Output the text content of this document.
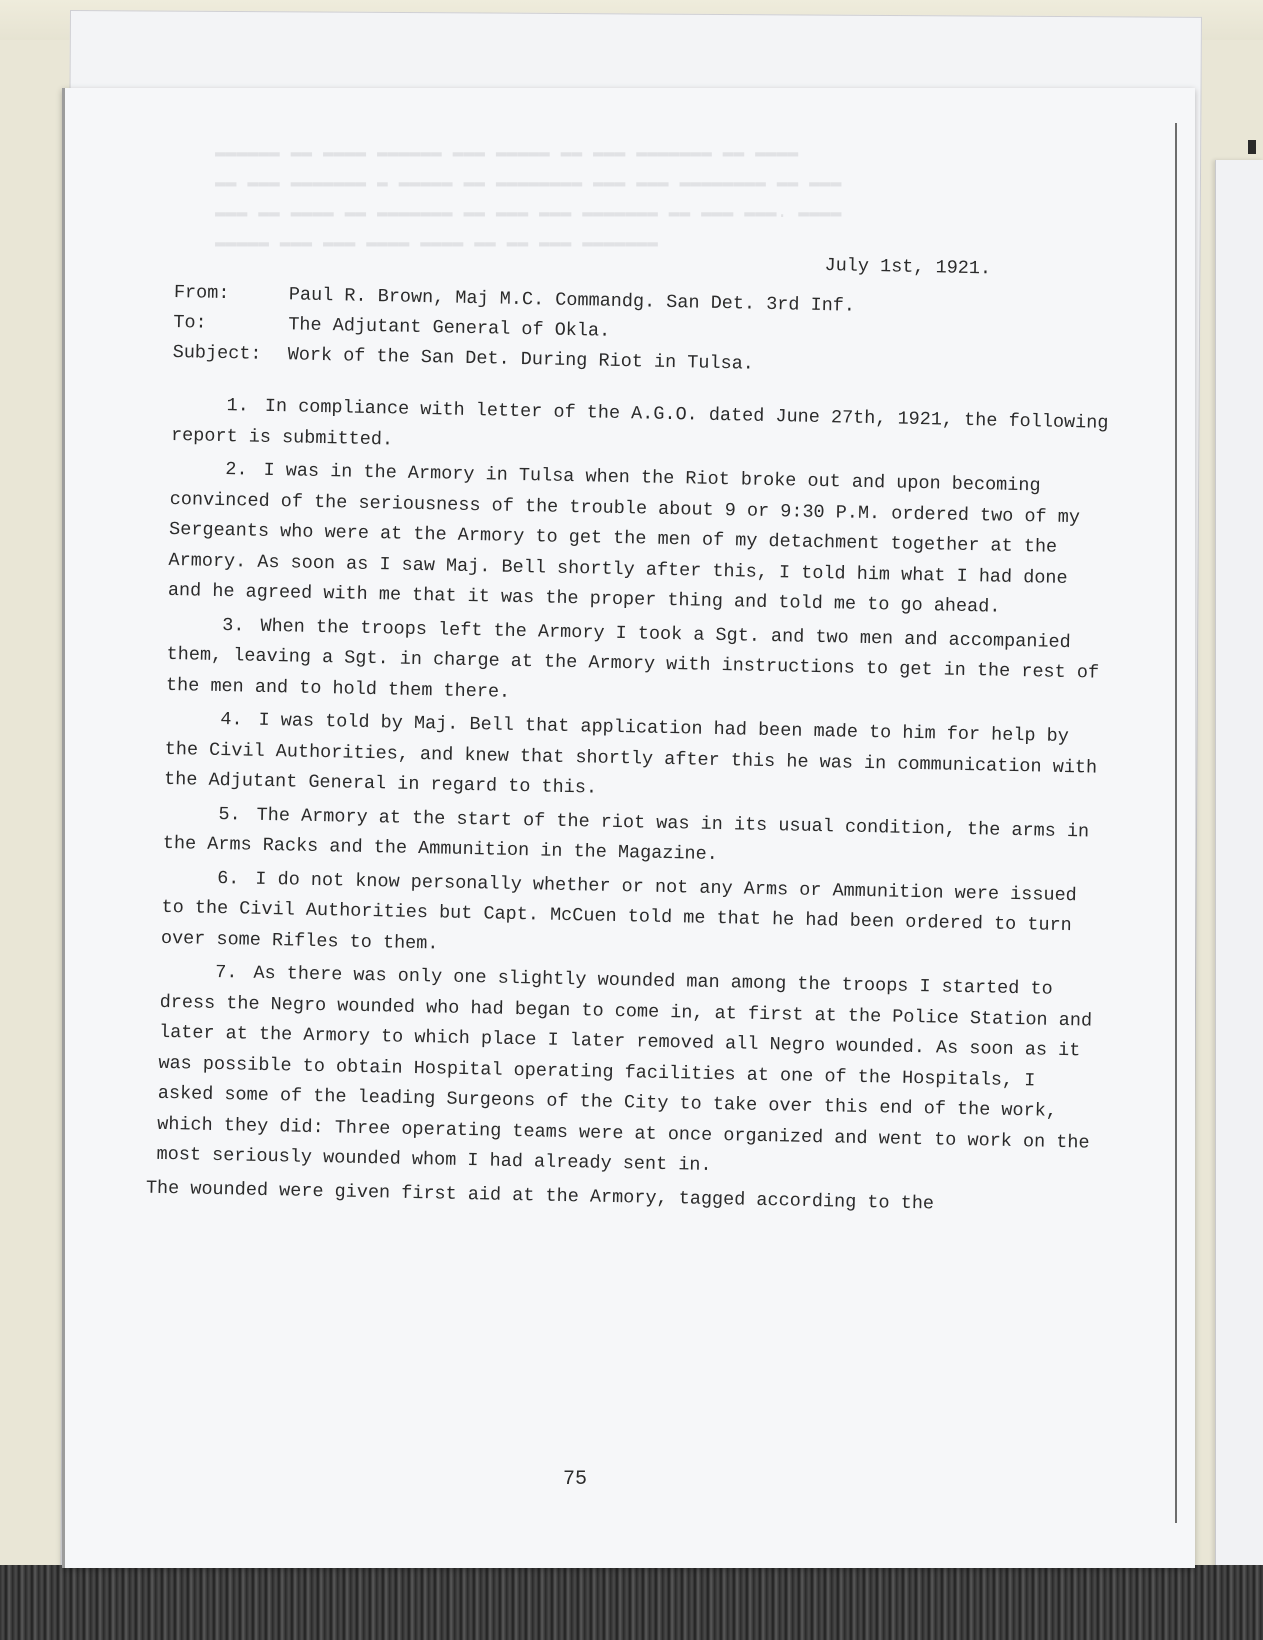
▬▬▬▬▬▬ ▬▬ ▬▬▬▬ ▬▬▬▬▬▬ ▬▬▬ ▬▬▬▬▬ ▬▬ ▬▬▬ ▬▬▬▬▬▬▬ ▬▬ ▬▬▬▬
▬▬ ▬▬▬ ▬▬▬▬▬▬▬ ▬ ▬▬▬▬▬ ▬▬ ▬▬▬▬▬▬▬▬ ▬▬▬ ▬▬▬ ▬▬▬▬▬▬▬▬ ▬▬ ▬▬▬
▬▬▬ ▬▬ ▬▬▬▬ ▬▬ ▬▬▬▬▬▬▬ ▬▬ ▬▬▬ ▬▬▬ ▬▬▬▬▬▬▬ ▬▬ ▬▬▬ ▬▬▬. ▬▬▬▬
▬▬▬▬▬ ▬▬▬ ▬▬▬ ▬▬▬▬ ▬▬▬▬ ▬▬ ▬▬ ▬▬▬ ▬▬▬▬▬▬▬
July 1st, 1921.
From:	Paul R. Brown, Maj M.C. Commandg. San Det. 3rd Inf.
To:	The Adjutant General of Okla.
Subject:	Work of the San Det. During Riot in Tulsa.

1. In compliance with letter of the A.G.O. dated June 27th, 1921, the following report is submitted.

2. I was in the Armory in Tulsa when the Riot broke out and upon becoming convinced of the seriousness of the trouble about 9 or 9:30 P.M. ordered two of my Sergeants who were at the Armory to get the men of my detachment together at the Armory. As soon as I saw Maj. Bell shortly after this, I told him what I had done and he agreed with me that it was the proper thing and told me to go ahead.

3. When the troops left the Armory I took a Sgt. and two men and accompanied them, leaving a Sgt. in charge at the Armory with instructions to get in the rest of the men and to hold them there.

4. I was told by Maj. Bell that application had been made to him for help by the Civil Authorities, and knew that shortly after this he was in communication with the Adjutant General in regard to this.

5. The Armory at the start of the riot was in its usual condition, the arms in the Arms Racks and the Ammunition in the Magazine.

6. I do not know personally whether or not any Arms or Ammunition were issued to the Civil Authorities but Capt. McCuen told me that he had been ordered to turn over some Rifles to them.

7. As there was only one slightly wounded man among the troops I started to dress the Negro wounded who had began to come in, at first at the Police Station and later at the Armory to which place I later removed all Negro wounded. As soon as it was possible to obtain Hospital operating facilities at one of the Hospitals, I asked some of the leading Surgeons of the City to take over this end of the work, which they did: Three operating teams were at once organized and went to work on the most seriously wounded whom I had already sent in.

The wounded were given first aid at the Armory, tagged according to the

75
